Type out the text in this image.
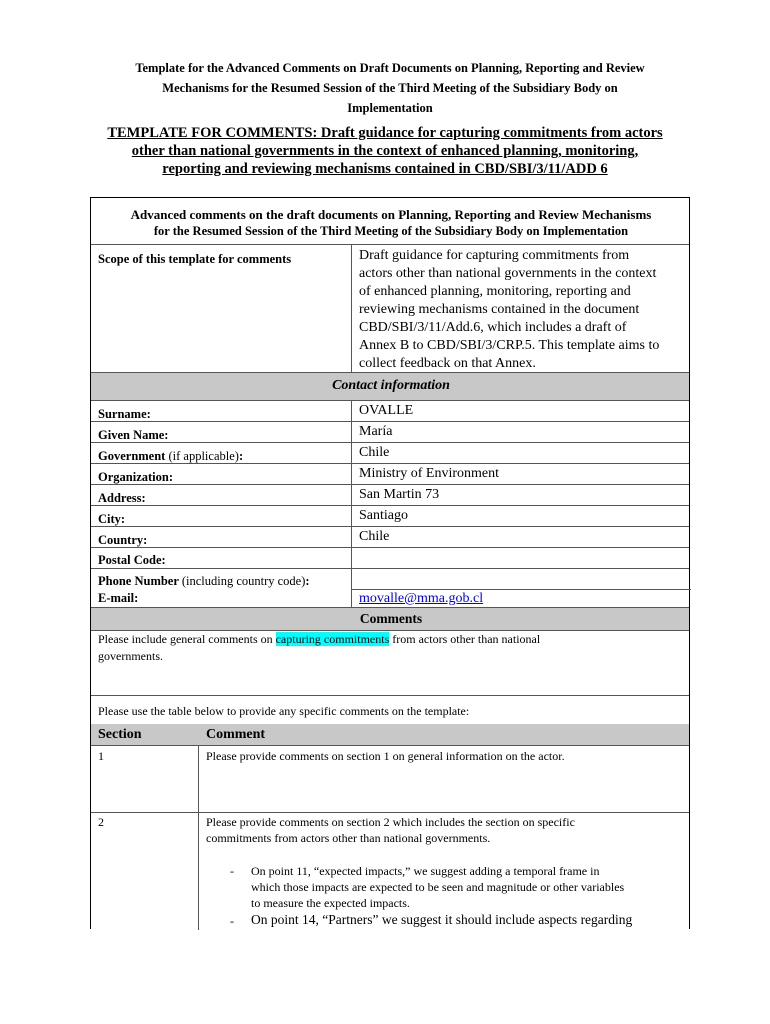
Template for the Advanced Comments on Draft Documents on Planning, Reporting and Review
Mechanisms for the Resumed Session of the Third Meeting of the Subsidiary Body on
Implementation
TEMPLATE FOR COMMENTS: Draft guidance for capturing commitments from actors
other than national governments in the context of enhanced planning, monitoring,
reporting and reviewing mechanisms contained in CBD/SBI/3/11/ADD 6
Advanced comments on the draft documents on Planning, Reporting and Review Mechanisms
for the Resumed Session of the Third Meeting of the Subsidiary Body on Implementation
Scope of this template for comments	Draft guidance for capturing commitments from
actors other than national governments in the context
of enhanced planning, monitoring, reporting and
reviewing mechanisms contained in the document
CBD/SBI/3/11/Add.6, which includes a draft of
Annex B to CBD/SBI/3/CRP.5. This template aims to
collect feedback on that Annex.
Contact information
Surname:	OVALLE
Given Name:	María
Government (if applicable):	Chile
Organization:	Ministry of Environment
Address:	San Martin 73
City:	Santiago
Country:	Chile
Postal Code:
Phone Number (including country code):
E-mail:	movalle@mma.gob.cl
Comments
Please include general comments on capturing commitments from actors other than national
governments.
Please use the table below to provide any specific comments on the template:
Section	Comment
1	Please provide comments on section 1 on general information on the actor.
2	Please provide comments on section 2 which includes the section on specific
commitments from actors other than national governments.
- On point 11, “expected impacts,” we suggest adding a temporal frame in
which those impacts are expected to be seen and magnitude or other variables
to measure the expected impacts.
- On point 14, “Partners” we suggest it should include aspects regarding
